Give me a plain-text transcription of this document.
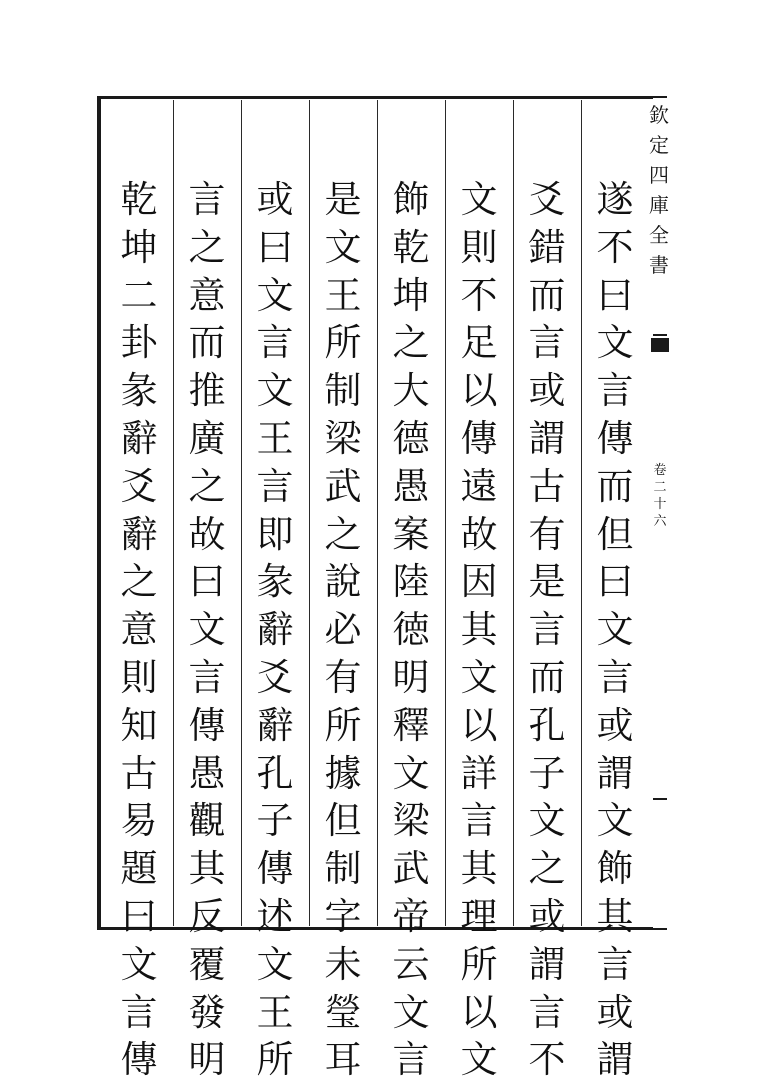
遂
不
曰
文
言
傳
而
但
曰
文
言
或
謂
文
飾
其
言
或
謂
爻
錯
而
言
或
謂
古
有
是
言
而
孔
子
文
之
或
謂
言
不
文
則
不
足
以
傳
遠
故
因
其
文
以
詳
言
其
理
所
以
文
飾
乾
坤
之
大
德
愚
案
陸
徳
明
釋
文
梁
武
帝
云
文
言
是
文
王
所
制
梁
武
之
說
必
有
所
據
但
制
字
未
瑩
耳
或
曰
文
言
文
王
言
即
彖
辭
爻
辭
孔
子
傳
述
文
王
所
言
之
意
而
推
廣
之
故
曰
文
言
傳
愚
觀
其
反
覆
發
明
乾
坤
二
卦
彖
辭
爻
辭
之
意
則
知
古
易
題
曰
文
言
傳
欽
定
四
庫
全
書
卷
二
十
六
